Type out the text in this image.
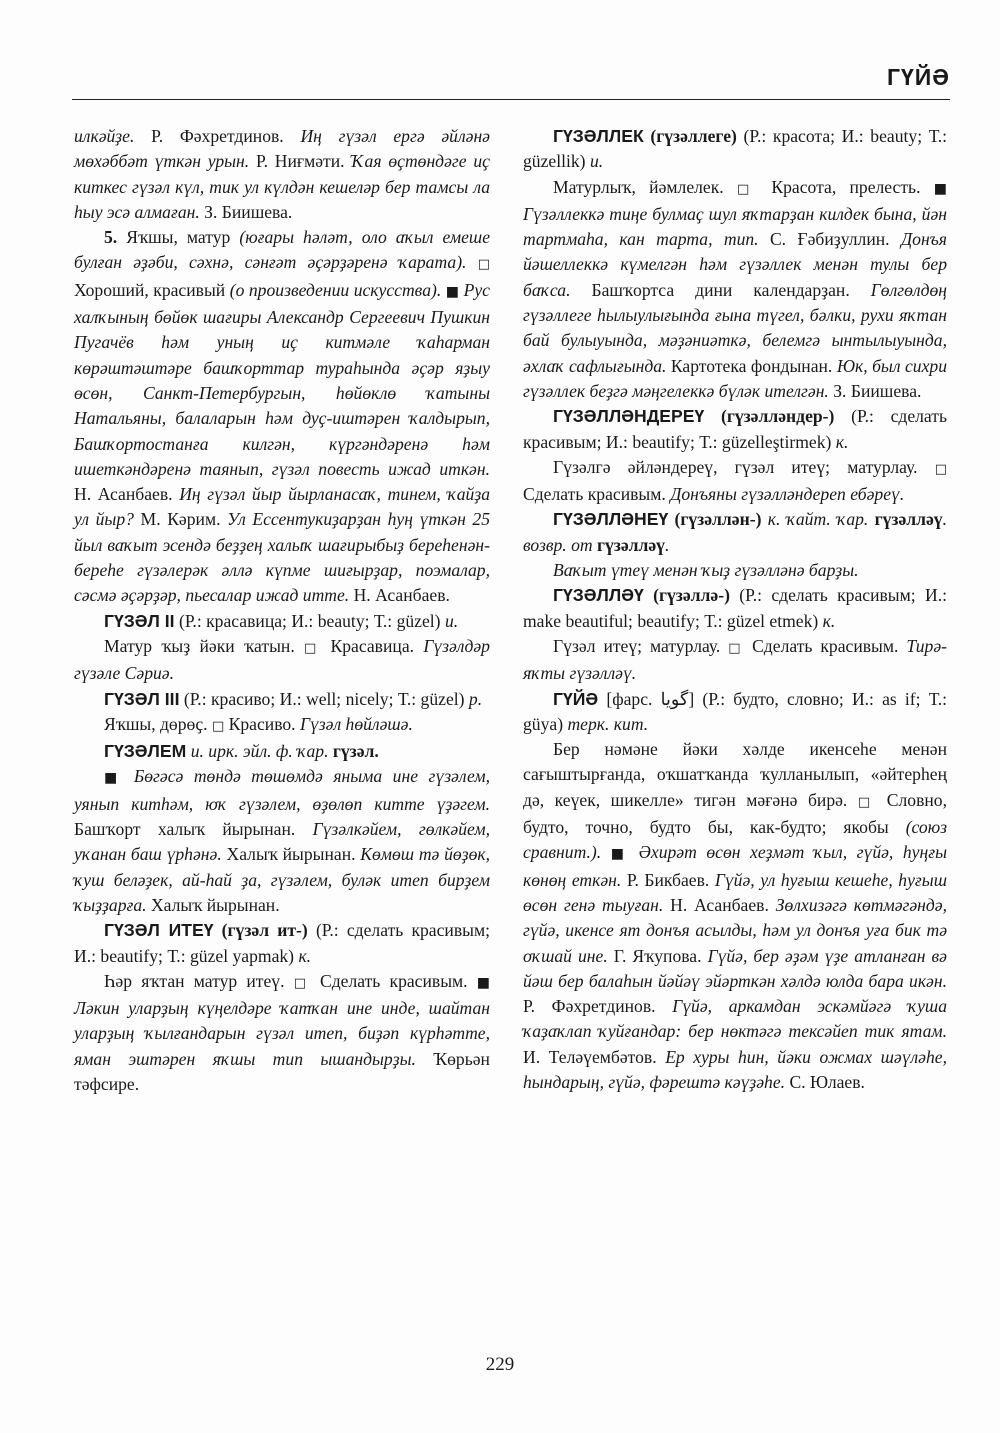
ГҮЙӘ

илкәйҙе. Р. Фәхретдинов. Иң гүзәл ергә әйләнә мөхәббәт үткән урын. Р. Ниғмәти. Ҡая өҫтөндәге иҫ киткес гүзәл күл, тик ул күлдән кешеләр бер тамсы ла һыу эсә алмаған. З. Биишева.

5. Яҡшы, матур (юғары һәләт, оло аҡыл емеше булған әҙәби, сәхнә, сәнғәт әҫәрҙәренә ҡарата). □ Хороший, красивый (о произведении искусства). ■ Рус халҡының бөйөк шағиры Александр Сергеевич Пушкин Пугачёв һәм уның иҫ китмәле ҡаһарман көрәштәштәре башҡорттар тураһында әҫәр яҙыу өсөн, Санкт-Петербургын, һөйөклө ҡатыны Натальяны, балаларын һәм дуҫ-иштәрен ҡалдырып, Башҡортостанға килгән, күргәндәренә һәм ишеткәндәренә таянып, гүзәл повесть ижад иткән. Н. Асанбаев. Иң гүзәл йыр йырланасаҡ, тинем, ҡайҙа ул йыр? М. Кәрим. Ул Ессентукиҙарҙан һуң үткән 25 йыл ваҡыт эсендә беҙҙең халыҡ шағирыбыҙ береһенән-береһе гүзәлерәк әллә күпме шиғырҙар, поэмалар, сәсмә әҫәрҙәр, пьесалар ижад итте. Н. Асанбаев.

ГҮЗӘЛ II (Р.: красавица; И.: beauty; Т.: güzel) и.

Матур ҡыҙ йәки ҡатын. □ Красавица. Гүзәлдәр гүзәле Сәриә.

ГҮЗӘЛ III (Р.: красиво; И.: well; nicely; Т.: güzel) р.

Яҡшы, дөрөҫ. □ Красиво. Гүзәл һөйләшә.

ГҮЗӘЛЕМ и. ирк. эйл. ф. ҡар. гүзәл.

■ Бөгәсә төндә төшөмдә яныма ине гүзәлем, уянып китһәм, юҡ гүзәлем, өҙөлөп китте үҙәгем. Башҡорт халыҡ йырынан. Гүзәлкәйем, гөлкәйем, уҡанан баш үрһәнә. Халыҡ йырынан. Көмөш тә йөҙөк, ҡуш беләҙек, ай-һай ҙа, гүзәлем, буләк итеп бирҙем ҡыҙҙарға. Халыҡ йырынан.

ГҮЗӘЛ ИТЕҮ (гүзәл ит-) (Р.: сделать красивым; И.: beautify; Т.: güzel yapmak) к.

Һәр яҡтан матур итеү. □ Сделать красивым. ■ Ләкин уларҙың күңелдәре ҡатҡан ине инде, шайтан уларҙың ҡылғандарын гүзәл итеп, биҙәп күрһәтте, яман эштәрен яҡшы тип ышандырҙы. Ҡөрьән тәфсире.

ГҮЗӘЛЛЕК (гүзәллеге) (Р.: красота; И.: beauty; Т.: güzellik) и.

Матурлыҡ, йәмлелек. □ Красота, прелесть. ■ Гүзәллеккә тиңе булмаҫ шул яҡтарҙан килдек бына, йән тартмаһа, кан тарта, тип. С. Ғәбиҙуллин. Донъя йәшеллеккә күмелгән һәм гүзәллек менән тулы бер баҡса. Башҡортса дини календарҙан. Гөлгөлдөң гүзәллеге һылыулығында ғына түгел, бәлки, рухи яҡтан бай булыуында, мәҙәниәткә, белемгә ынтылыуында, әхлаҡ сафлығында. Картотека фондынан. Юк, был сихри гүзәллек беҙгә мәңгелеккә бүләк ителгән. З. Биишева.

ГҮЗӘЛЛӘНДЕРЕҮ (гүзәлләндер-) (Р.: сделать красивым; И.: beautify; Т.: güzelleştirmek) к.

Гүзәлгә әйләндереү, гүзәл итеү; матурлау. □ Сделать красивым. Донъяны гүзәлләндереп ебәреү.

ГҮЗӘЛЛӘНЕҮ (гүзәллән-) к. ҡайт. ҡар. гүзәлләү. возвр. от гүзәлләү.

Ваҡыт үтеү менән ҡыҙ гүзәлләнә барҙы.

ГҮЗӘЛЛӘҮ (гүзәллә-) (Р.: сделать красивым; И.: make beautiful; beautify; Т.: güzel etmek) к.

Гүзәл итеү; матурлау. □ Сделать красивым. Тирә-яҡты гүзәлләү.

ГҮЙӘ [фарс. گويا] (Р.: будто, словно; И.: as if; Т.: güya) терк. кит.

Бер нәмәне йәки хәлде икенсеһе менән сағыштырғанда, оҡшатҡанда ҡулланылып, «әйтерһең дә, кеүек, шикелле» тигән мәғәнә бирә. □ Словно, будто, точно, будто бы, как-будто; якобы (союз сравнит.). ■ Әхирәт өсөн хеҙмәт ҡыл, гүйә, һуңғы көнөң еткән. Р. Бикбаев. Гүйә, ул һуғыш кешеһе, һуғыш өсөн генә тыуған. Н. Асанбаев. Зөлхизәгә көтмәгәндә, гүйә, икенсе ят донъя асылды, һәм ул донъя уға бик тә оҡшай ине. Г. Яҡупова. Гүйә, бер әҙәм үҙе атланған вә йәш бер балаһын йәйәү эйәрткән хәлдә юлда бара икән. Р. Фәхретдинов. Гүйә, аркамдан эскәмйәгә ҡуша ҡаҙаҡлап ҡуйғандар: бер нөктәгә тексәйеп тик ятам. И. Теләүембәтов. Ер хуры һин, йәки ожмах шәүләһе, һындарың, гүйә, фәрештә кәүҙәһе. С. Юлаев.

229
